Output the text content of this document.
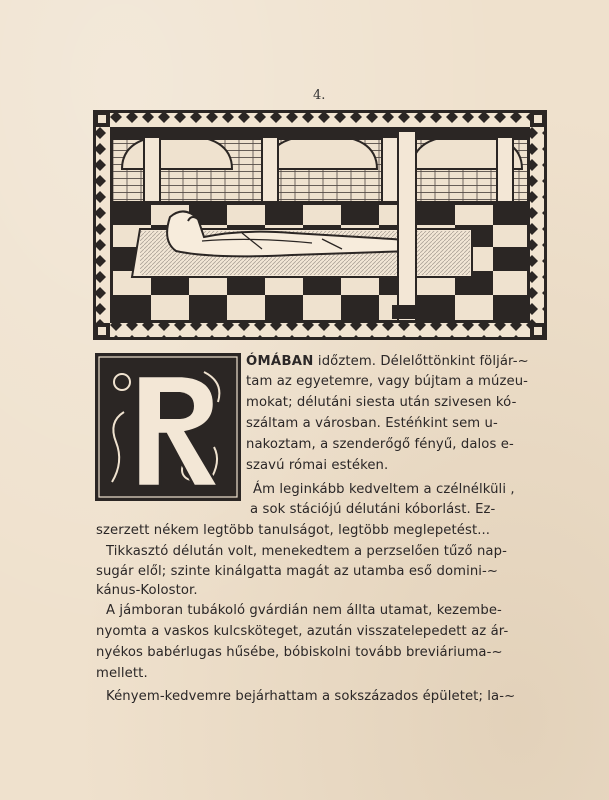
4.
R
ÓMÁBAN időztem. Délelőttönkint följár-~
tam az egyetemre, vagy bújtam a múzeu-
mokat; délutáni siesta után szivesen kó-
száltam a városban. Estéńkint sem u-
nakoztam, a szenderőgő fényű, dalos e-
szavú római estéken.
Ám leginkább kedveltem a czélnélküli ,
a sok stációjú délutáni kóborlást. Ez-
szerzett nékem legtöbb tanulságot, legtöbb meglepetést...
Tikkasztó délután volt, menekedtem a perzselően tűző nap-
sugár elől; szinte kinálgatta magát az utamba eső domini-~
kánus-Kolostor.
A jámboran tubákoló gvárdián nem állta utamat, kezembe-
nyomta a vaskos kulcsköteget, azután visszatelepedett az ár-
nyékos babérlugas hűsébe, bóbiskolni tovább breviáriuma-~
mellett.
Kényem-kedvemre bejárhattam a sokszázados épületet; la-~
